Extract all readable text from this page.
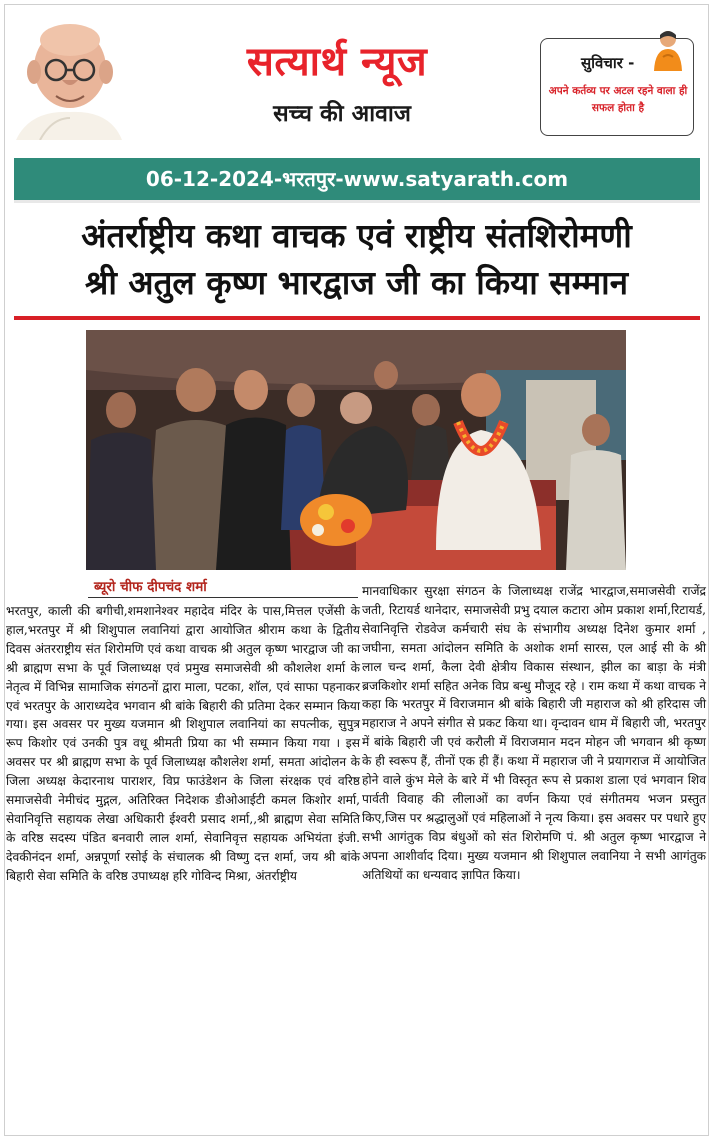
सत्यार्थ न्यूज
सच्च की आवाज
सुविचार -
अपने कर्तव्य पर अटल रहने वाला ही सफल होता है
06-12-2024-भरतपुर-www.satyarath.com
अंतर्राष्ट्रीय कथा वाचक एवं राष्ट्रीय संतशिरोमणी
श्री अतुल कृष्ण भारद्वाज जी का किया सम्मान
ब्यूरो चीफ दीपचंद शर्मा

भरतपुर, काली की बगीची,शमशानेश्वर महादेव मंदिर के पास,मित्तल एजेंसी के हाल,भरतपुर में श्री शिशुपाल लवानियां द्वारा आयोजित श्रीराम कथा के द्वितीय दिवस अंतरराष्ट्रीय संत शिरोमणि एवं कथा वाचक श्री अतुल कृष्ण भारद्वाज जी का श्री ब्राह्मण सभा के पूर्व जिलाध्यक्ष एवं प्रमुख समाजसेवी श्री कौशलेश शर्मा के नेतृत्व में विभिन्न सामाजिक संगठनों द्वारा माला, पटका, शॉल, एवं साफा पहनाकर एवं भरतपुर के आराध्यदेव भगवान श्री बांके बिहारी की प्रतिमा देकर सम्मान किया गया। इस अवसर पर मुख्य यजमान श्री शिशुपाल लवानियां का सपत्नीक, सुपुत्र रूप किशोर एवं उनकी पुत्र वधू श्रीमती प्रिया का भी सम्मान किया गया । इस अवसर पर श्री ब्राह्मण सभा के पूर्व जिलाध्यक्ष कौशलेश शर्मा, समता आंदोलन के जिला अध्यक्ष केदारनाथ पाराशर, विप्र फाउंडेशन के जिला संरक्षक एवं वरिष्ठ समाजसेवी नेमीचंद मुद्गल, अतिरिक्त निदेशक डीओआईटी कमल किशोर शर्मा, सेवानिवृत्ति सहायक लेखा अधिकारी ईश्वरी प्रसाद शर्मा,,श्री ब्राह्मण सेवा समिति के वरिष्ठ सदस्य पंडित बनवारी लाल शर्मा, सेवानिवृत्त सहायक अभियंता इंजी. देवकीनंदन शर्मा, अन्नपूर्णा रसोई के संचालक श्री विष्णु दत्त शर्मा, जय श्री बांके बिहारी सेवा समिति के वरिष्ठ उपाध्यक्ष हरि गोविन्द मिश्रा, अंतर्राष्ट्रीय

मानवाधिकार सुरक्षा संगठन के जिलाध्यक्ष राजेंद्र भारद्वाज,समाजसेवी राजेंद्र जती, रिटायर्ड थानेदार, समाजसेवी प्रभु दयाल कटारा ओम प्रकाश शर्मा,रिटायर्ड, सेवानिवृत्ति रोडवेज कर्मचारी संघ के संभागीय अध्यक्ष दिनेश कुमार शर्मा , जघीना, समता आंदोलन समिति के अशोक शर्मा सारस, एल आई सी के श्री लाल चन्द शर्मा, कैला देवी क्षेत्रीय विकास संस्थान, झील का बाड़ा के मंत्री ब्रजकिशोर शर्मा सहित अनेक विप्र बन्धु मौजूद रहे । राम कथा में कथा वाचक ने कहा कि भरतपुर में विराजमान श्री बांके बिहारी जी महाराज को श्री हरिदास जी महाराज ने अपने संगीत से प्रकट किया था। वृन्दावन धाम में बिहारी जी, भरतपुर में बांके बिहारी जी एवं करौली में विराजमान मदन मोहन जी भगवान श्री कृष्ण के ही स्वरूप हैं, तीनों एक ही हैं। कथा में महाराज जी ने प्रयागराज में आयोजित होने वाले कुंभ मेले के बारे में भी विस्तृत रूप से प्रकाश डाला एवं भगवान शिव पार्वती विवाह की लीलाओं का वर्णन किया एवं संगीतमय भजन प्रस्तुत किए,जिस पर श्रद्धालुओं एवं महिलाओं ने नृत्य किया। इस अवसर पर पधारे हुए सभी आगंतुक विप्र बंधुओं को संत शिरोमणि पं. श्री अतुल कृष्ण भारद्वाज ने अपना आशीर्वाद दिया। मुख्य यजमान श्री शिशुपाल लवानिया ने सभी आगंतुक अतिथियों का धन्यवाद ज्ञापित किया।
